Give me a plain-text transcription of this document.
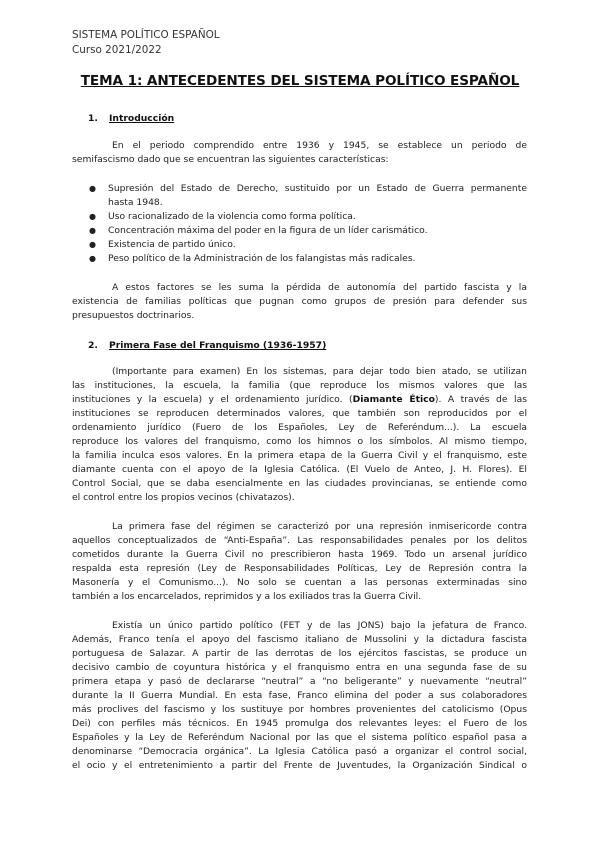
SISTEMA POLÍTICO ESPAÑOL
Curso 2021/2022
TEMA 1: ANTECEDENTES DEL SISTEMA POLÍTICO ESPAÑOL
1. Introducción
En el periodo comprendido entre 1936 y 1945, se establece un periodo de
semifascismo dado que se encuentran las siguientes características:
● Supresión del Estado de Derecho, sustituido por un Estado de Guerra permanente
hasta 1948.
● Uso racionalizado de la violencia como forma política.
● Concentración máxima del poder en la figura de un líder carismático.
● Existencia de partido único.
● Peso político de la Administración de los falangistas más radicales.
A estos factores se les suma la pérdida de autonomía del partido fascista y la
existencia de familias políticas que pugnan como grupos de presión para defender sus
presupuestos doctrinarios.
2. Primera Fase del Franquismo (1936-1957)
(Importante para examen) En los sistemas, para dejar todo bien atado, se utilizan
las instituciones, la escuela, la familia (que reproduce los mismos valores que las
instituciones y la escuela) y el ordenamiento jurídico. (Diamante Ético). A través de las
instituciones se reproducen determinados valores, que también son reproducidos por el
ordenamiento jurídico (Fuero de los Españoles, Ley de Referéndum...). La escuela
reproduce los valores del franquismo, como los himnos o los símbolos. Al mismo tiempo,
la familia inculca esos valores. En la primera etapa de la Guerra Civil y el franquismo, este
diamante cuenta con el apoyo de la Iglesia Católica. (El Vuelo de Anteo, J. H. Flores). El
Control Social, que se daba esencialmente en las ciudades provincianas, se entiende como
el control entre los propios vecinos (chivatazos).
La primera fase del régimen se caracterizó por una represión inmisericorde contra
aquellos conceptualizados de “Anti-España”. Las responsabilidades penales por los delitos
cometidos durante la Guerra Civil no prescribieron hasta 1969. Todo un arsenal jurídico
respalda esta represión (Ley de Responsabilidades Políticas, Ley de Represión contra la
Masonería y el Comunismo...). No solo se cuentan a las personas exterminadas sino
también a los encarcelados, reprimidos y a los exiliados tras la Guerra Civil.
Existía un único partido político (FET y de las JONS) bajo la jefatura de Franco.
Además, Franco tenía el apoyo del fascismo italiano de Mussolini y la dictadura fascista
portuguesa de Salazar. A partir de las derrotas de los ejércitos fascistas, se produce un
decisivo cambio de coyuntura histórica y el franquismo entra en una segunda fase de su
primera etapa y pasó de declararse “neutral” a “no beligerante” y nuevamente “neutral”
durante la II Guerra Mundial. En esta fase, Franco elimina del poder a sus colaboradores
más proclives del fascismo y los sustituye por hombres provenientes del catolicismo (Opus
Dei) con perfiles más técnicos. En 1945 promulga dos relevantes leyes: el Fuero de los
Españoles y la Ley de Referéndum Nacional por las que el sistema político español pasa a
denominarse “Democracia orgánica”. La Iglesia Católica pasó a organizar el control social,
el ocio y el entretenimiento a partir del Frente de Juventudes, la Organización Sindical o
